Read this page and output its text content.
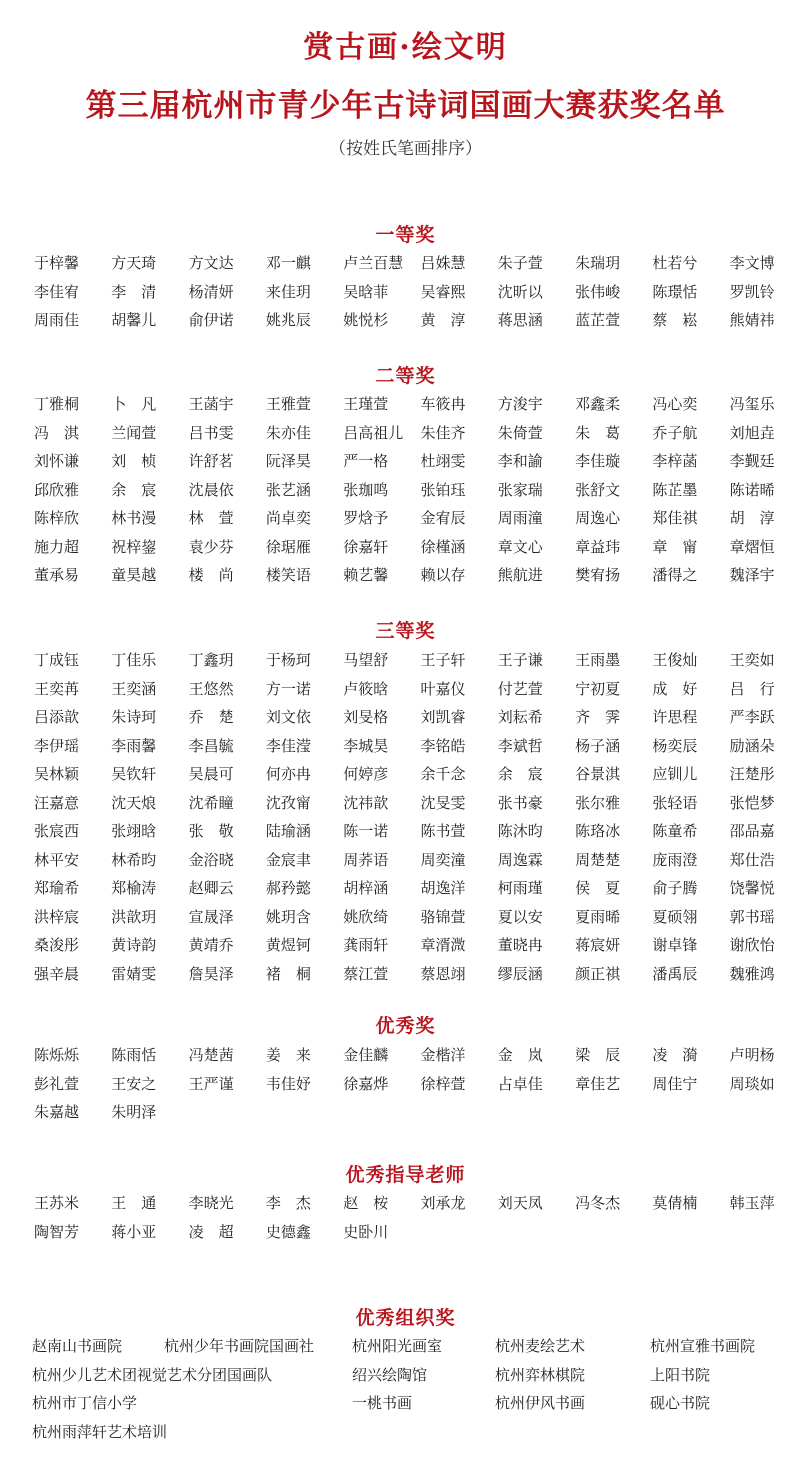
赏古画·绘文明
第三届杭州市青少年古诗词国画大赛获奖名单
（按姓氏笔画排序）
一等奖
于梓馨	方天琦	方文达	邓一麒	卢兰百慧	吕姝慧	朱子萱	朱瑞玥	杜若兮	李文博
李佳宥	李　清	杨清妍	来佳玥	吴晗菲	吴睿熙	沈昕以	张伟峻	陈璟恬	罗凯铃
周雨佳	胡馨儿	俞伊诺	姚兆辰	姚悦杉	黄　淳	蒋思涵	蓝芷萱	蔡　崧	熊婧祎
二等奖
丁雅桐	卜　凡	王菡宇	王雅萱	王瑾萱	车筱冉	方浚宇	邓鑫柔	冯心奕	冯玺乐
冯　淇	兰闻萱	吕书雯	朱亦佳	吕高祖儿	朱佳齐	朱倚萱	朱　葛	乔子航	刘旭垚
刘怀谦	刘　桢	许舒茗	阮泽昊	严一格	杜翊雯	李和諭	李佳璇	李梓菡	李觐廷
邱欣雅	余　宸	沈晨依	张艺涵	张珈鸣	张铂珏	张家瑞	张舒文	陈芷墨	陈诺晞
陈梓欣	林书漫	林　萱	尚卓奕	罗焓予	金宥辰	周雨潼	周逸心	郑佳祺	胡　淳
施力超	祝梓鋆	袁少芬	徐琚雁	徐嘉轩	徐槿涵	章文心	章益玮	章　甯	章熠恒
董承易	童昊越	楼　尚	楼笑语	赖艺馨	赖以存	熊航进	樊宥扬	潘得之	魏泽宇
三等奖
丁成钰	丁佳乐	丁鑫玥	于杨珂	马望舒	王子轩	王子谦	王雨墨	王俊灿	王奕如
王奕苒	王奕涵	王悠然	方一诺	卢筱晗	叶嘉仪	付艺萱	宁初夏	成　好	吕　行
吕添歆	朱诗珂	乔　楚	刘文依	刘旻格	刘凯睿	刘耘希	齐　霁	许思程	严李跃
李伊瑶	李雨馨	李昌毓	李佳滢	李城昊	李铭皓	李斌哲	杨子涵	杨奕辰	励涵朵
吴林颖	吴钦轩	吴晨可	何亦冉	何婷彦	余千念	余　宸	谷景淇	应钏儿	汪楚彤
汪嘉意	沈天烺	沈希瞳	沈孜甯	沈祎歆	沈旻雯	张书豪	张尔雅	张轻语	张恺梦
张宸西	张翊晗	张　敬	陆瑜涵	陈一诺	陈书萱	陈沐昀	陈珞冰	陈童希	邵品嘉
林平安	林希昀	金浴晓	金宸聿	周荞语	周奕潼	周逸霖	周楚楚	庞雨澄	郑仕浩
郑瑜希	郑榆涛	赵卿云	郝矜懿	胡梓涵	胡逸洋	柯雨瑾	侯　夏	俞子腾	饶馨悦
洪梓宸	洪歆玥	宣晟泽	姚玥含	姚欣绮	骆锦萱	夏以安	夏雨晞	夏硕翎	郭书瑶
桑浚彤	黄诗韵	黄靖乔	黄煜钶	龚雨轩	章湑溦	董晓冉	蒋宸妍	谢卓锋	谢欣怡
强辛晨	雷婧雯	詹昊泽	褚　桐	蔡江萱	蔡恩翊	缪辰涵	颜正祺	潘禹辰	魏雅鸿
优秀奖
陈烁烁	陈雨恬	冯楚茜	姜　来	金佳麟	金楷洋	金　岚	梁　辰	凌　漪	卢明杨
彭礼萱	王安之	王严谨	韦佳妤	徐嘉烨	徐梓萱	占卓佳	章佳艺	周佳宁	周琰如
朱嘉越	朱明泽
优秀指导老师
王苏米	王　通	李晓光	李　杰	赵　桉	刘承龙	刘天凤	冯冬杰	莫倩楠	韩玉萍
陶智芳	蒋小亚	凌　超	史德鑫	史卧川
优秀组织奖
赵南山书画院	杭州少年书画院国画社	杭州阳光画室	杭州麦绘艺术	杭州宣雅书画院
杭州少儿艺术团视觉艺术分团国画队	绍兴绘陶馆	杭州弈林棋院	上阳书院
杭州市丁信小学	一桃书画	杭州伊风书画	砚心书院
杭州雨萍轩艺术培训
